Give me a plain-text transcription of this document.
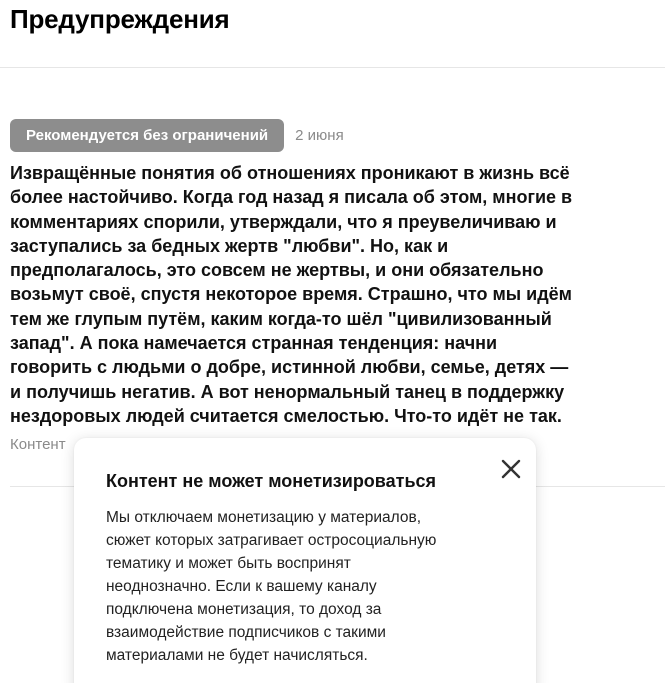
Предупреждения
Рекомендуется без ограничений	2 июня
Извращённые понятия об отношениях проникают в жизнь всё
более настойчиво. Когда год назад я писала об этом, многие в
комментариях спорили, утверждали, что я преувеличиваю и
заступались за бедных жертв "любви". Но, как и
предполагалось, это совсем не жертвы, и они обязательно
возьмут своё, спустя некоторое время. Страшно, что мы идём
тем же глупым путём, каким когда-то шёл "цивилизованный
запад". А пока намечается странная тенденция: начни
говорить с людьми о добре, истинной любви, семье, детях —
и получишь негатив. А вот ненормальный танец в поддержку
нездоровых людей считается смелостью. Что-то идёт не так.
Контент
Контент не может монетизироваться
Мы отключаем монетизацию у материалов,
сюжет которых затрагивает остросоциальную
тематику и может быть воспринят
неоднозначно. Если к вашему каналу
подключена монетизация, то доход за
взаимодействие подписчиков с такими
материалами не будет начисляться.
